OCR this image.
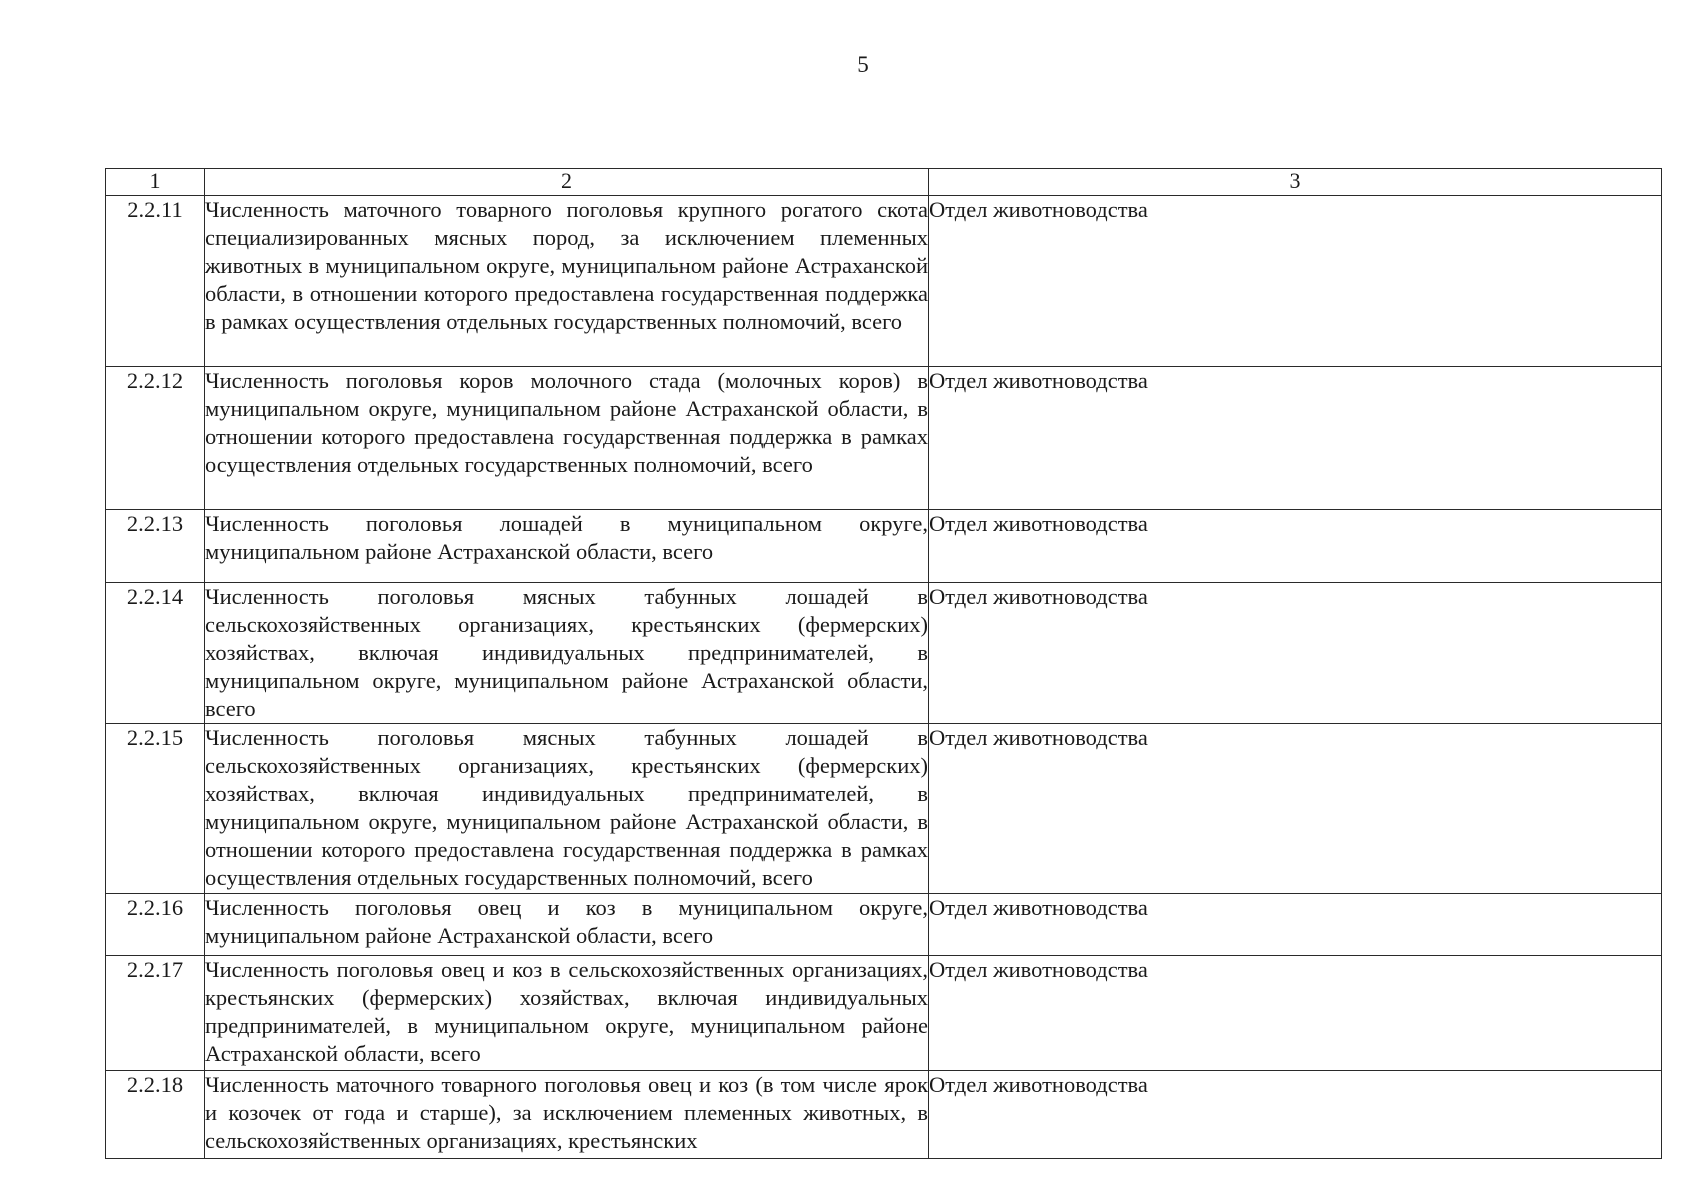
5
1	2	3
2.2.11	Численность маточного товарного поголовья крупного рогатого скота специализированных мясных пород, за исключением племенных животных в муниципальном округе, муниципальном районе Астраханской области, в отношении которого предоставлена государственная поддержка в рамках осуществления отдельных государственных полномочий, всего	Отдел животноводства
2.2.12	Численность поголовья коров молочного стада (молочных коров) в муниципальном округе, муниципальном районе Астраханской области, в отношении которого предоставлена государственная поддержка в рамках осуществления отдельных государственных полномочий, всего	Отдел животноводства
2.2.13	Численность поголовья лошадей в муниципальном округе, муниципальном районе Астраханской области, всего	Отдел животноводства
2.2.14	Численность поголовья мясных табунных лошадей в сельскохозяйственных организациях, крестьянских (фермерских) хозяйствах, включая индивидуальных предпринимателей, в муниципальном округе, муниципальном районе Астраханской области, всего	Отдел животноводства
2.2.15	Численность поголовья мясных табунных лошадей в сельскохозяйственных организациях, крестьянских (фермерских) хозяйствах, включая индивидуальных предпринимателей, в муниципальном округе, муниципальном районе Астраханской области, в отношении которого предоставлена государственная поддержка в рамках осуществления отдельных государственных полномочий, всего	Отдел животноводства
2.2.16	Численность поголовья овец и коз в муниципальном округе, муниципальном районе Астраханской области, всего	Отдел животноводства
2.2.17	Численность поголовья овец и коз в сельскохозяйственных организациях, крестьянских (фермерских) хозяйствах, включая индивидуальных предпринимателей, в муниципальном округе, муниципальном районе Астраханской области, всего	Отдел животноводства
2.2.18	Численность маточного товарного поголовья овец и коз (в том числе ярок и козочек от года и старше), за исключением племенных животных, в сельскохозяйственных организациях, крестьянских	Отдел животноводства
